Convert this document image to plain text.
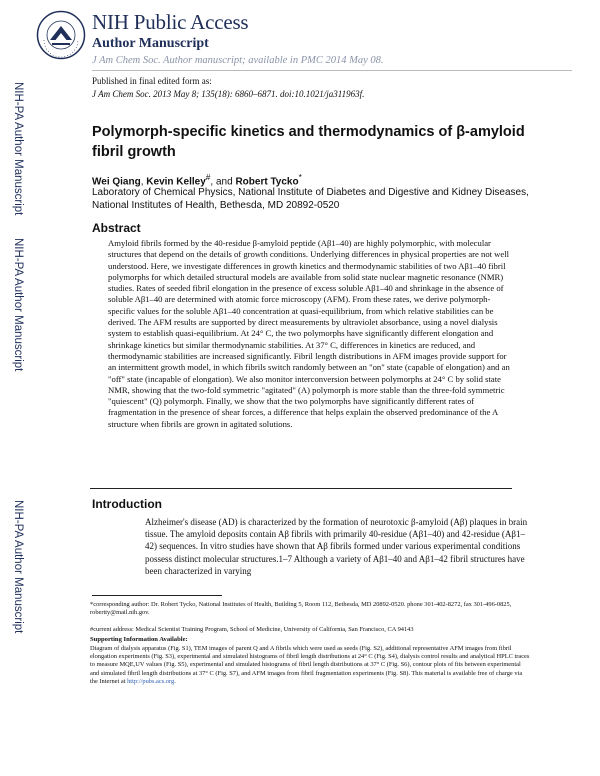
NIH Public Access
Author Manuscript
J Am Chem Soc. Author manuscript; available in PMC 2014 May 08.
Published in final edited form as:
J Am Chem Soc. 2013 May 8; 135(18): 6860–6871. doi:10.1021/ja311963f.
NIH-PA Author Manuscript
NIH-PA Author Manuscript
NIH-PA Author Manuscript
Polymorph-specific kinetics and thermodynamics of β-amyloid fibril growth
Wei Qiang, Kevin Kelley#, and Robert Tycko*
Laboratory of Chemical Physics, National Institute of Diabetes and Digestive and Kidney Diseases, National Institutes of Health, Bethesda, MD 20892-0520
Abstract
Amyloid fibrils formed by the 40-residue β-amyloid peptide (Aβ1–40) are highly polymorphic, with molecular structures that depend on the details of growth conditions. Underlying differences in physical properties are not well understood. Here, we investigate differences in growth kinetics and thermodynamic stabilities of two Aβ1–40 fibril polymorphs for which detailed structural models are available from solid state nuclear magnetic resonance (NMR) studies. Rates of seeded fibril elongation in the presence of excess soluble Aβ1–40 and shrinkage in the absence of soluble Aβ1–40 are determined with atomic force microscopy (AFM). From these rates, we derive polymorph-specific values for the soluble Aβ1–40 concentration at quasi-equilibrium, from which relative stabilities can be derived. The AFM results are supported by direct measurements by ultraviolet absorbance, using a novel dialysis system to establish quasi-equilibrium. At 24° C, the two polymorphs have significantly different elongation and shrinkage kinetics but similar thermodynamic stabilities. At 37° C, differences in kinetics are reduced, and thermodynamic stabilities are increased significantly. Fibril length distributions in AFM images provide support for an intermittent growth model, in which fibrils switch randomly between an "on" state (capable of elongation) and an "off" state (incapable of elongation). We also monitor interconversion between polymorphs at 24° C by solid state NMR, showing that the two-fold symmetric "agitated" (A) polymorph is more stable than the three-fold symmetric "quiescent" (Q) polymorph. Finally, we show that the two polymorphs have significantly different rates of fragmentation in the presence of shear forces, a difference that helps explain the observed predominance of the A structure when fibrils are grown in agitated solutions.
Introduction
Alzheimer's disease (AD) is characterized by the formation of neurotoxic β-amyloid (Aβ) plaques in brain tissue. The amyloid deposits contain Aβ fibrils with primarily 40-residue (Aβ1–40) and 42-residue (Aβ1–42) sequences. In vitro studies have shown that Aβ fibrils formed under various experimental conditions possess distinct molecular structures.1–7 Although a variety of Aβ1–40 and Aβ1–42 fibril structures have been characterized in varying
*corresponding author: Dr. Robert Tycko, National Institutes of Health, Building 5, Room 112, Bethesda, MD 20892-0520. phone 301-402-8272, fax 301-496-0825, robertty@mail.nih.gov.
#current address: Medical Scientist Training Program, School of Medicine, University of California, San Francisco, CA 94143
Supporting Information Available:
Diagram of dialysis apparatus (Fig. S1), TEM images of parent Q and A fibrils which were used as seeds (Fig. S2), additional representative AFM images from fibril elongation experiments (Fig. S3), experimental and simulated histograms of fibril length distributions at 24° C (Fig. S4), dialysis control results and analytical HPLC traces to measure MQE,UV values (Fig. S5), experimental and simulated histograms of fibril length distributions at 37° C (Fig. S6), contour plots of fits between experimental and simulated fibril length distributions at 37° C (Fig. S7), and AFM images from fibril fragmentation experiments (Fig. S8). This material is available free of charge via the Internet at http://pubs.acs.org.
